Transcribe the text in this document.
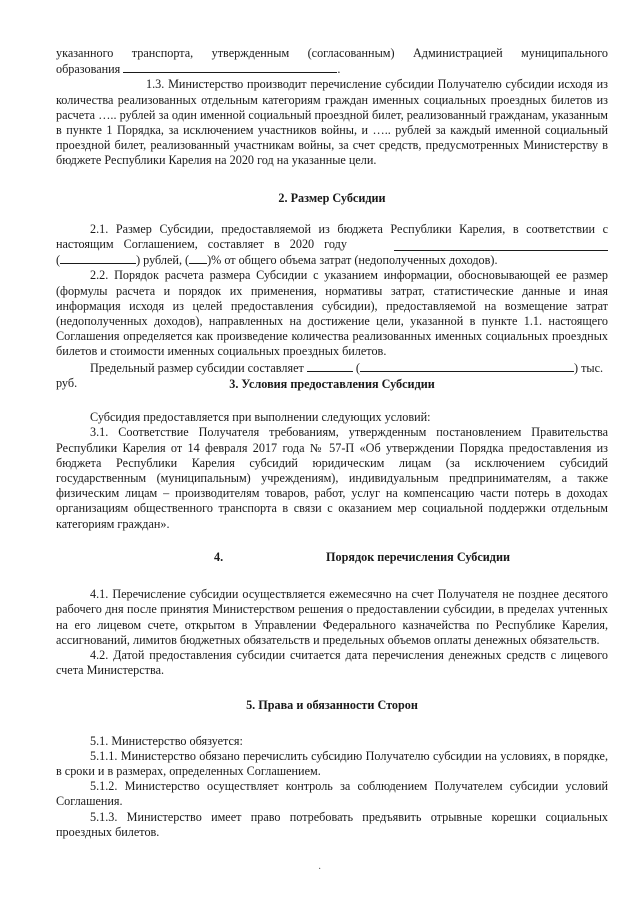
указанного транспорта, утвержденным (согласованным) Администрацией муниципального

образования	.

1.3. Министерство производит перечисление субсидии Получателю субсидии исходя из количества реализованных отдельным категориям граждан именных социальных проездных билетов из расчета ….. рублей за один именной социальный проездной билет, реализованный гражданам, указанным в пункте 1 Порядка, за исключением участников войны, и ….. рублей за каждый именной социальный проездной билет, реализованный участникам войны, за счет средств, предусмотренных Министерству в бюджете Республики Карелия на 2020 год на указанные цели.

2. Размер Субсидии

2.1. Размер Субсидии, предоставляемой из бюджета Республики Карелия, в соответствии с

настоящим Соглашением, составляет в 2020 году

(	) рублей, ( )% от общего объема затрат (недополученных доходов).

2.2. Порядок расчета размера Субсидии с указанием информации, обосновывающей ее размер (формулы расчета и порядок их применения, нормативы затрат, статистические данные и иная информация исходя из целей предоставления субсидии), предоставляемой на возмещение затрат (недополученных доходов), направленных на достижение цели, указанной в пункте 1.1. настоящего Соглашения определяется как произведение количества реализованных именных социальных проездных билетов и стоимости именных социальных проездных билетов.

Предельный размер субсидии составляет	(	) тыс.

руб.	3. Условия предоставления Субсидии

Субсидия предоставляется при выполнении следующих условий:

3.1. Соответствие Получателя требованиям, утвержденным постановлением Правительства Республики Карелия от 14 февраля 2017 года № 57-П «Об утверждении Порядка предоставления из бюджета Республики Карелия субсидий юридическим лицам (за исключением субсидий государственным (муниципальным) учреждениям), индивидуальным предпринимателям, а также физическим лицам – производителям товаров, работ, услуг на компенсацию части потерь в доходах организациям общественного транспорта в связи с оказанием мер социальной поддержки отдельным категориям граждан».

4.	Порядок перечисления Субсидии

4.1. Перечисление субсидии осуществляется ежемесячно на счет Получателя не позднее десятого рабочего дня после принятия Министерством решения о предоставлении субсидии, в пределах учтенных на его лицевом счете, открытом в Управлении Федерального казначейства по Республике Карелия, ассигнований, лимитов бюджетных обязательств и предельных объемов оплаты денежных обязательств.

4.2. Датой предоставления субсидии считается дата перечисления денежных средств с лицевого счета Министерства.

5. Права и обязанности Сторон

5.1. Министерство обязуется:

5.1.1. Министерство обязано перечислить субсидию Получателю субсидии на условиях, в порядке, в сроки и в размерах, определенных Соглашением.

5.1.2. Министерство осуществляет контроль за соблюдением Получателем субсидии условий Соглашения.

5.1.3. Министерство имеет право потребовать предъявить отрывные корешки социальных проездных билетов.

·
